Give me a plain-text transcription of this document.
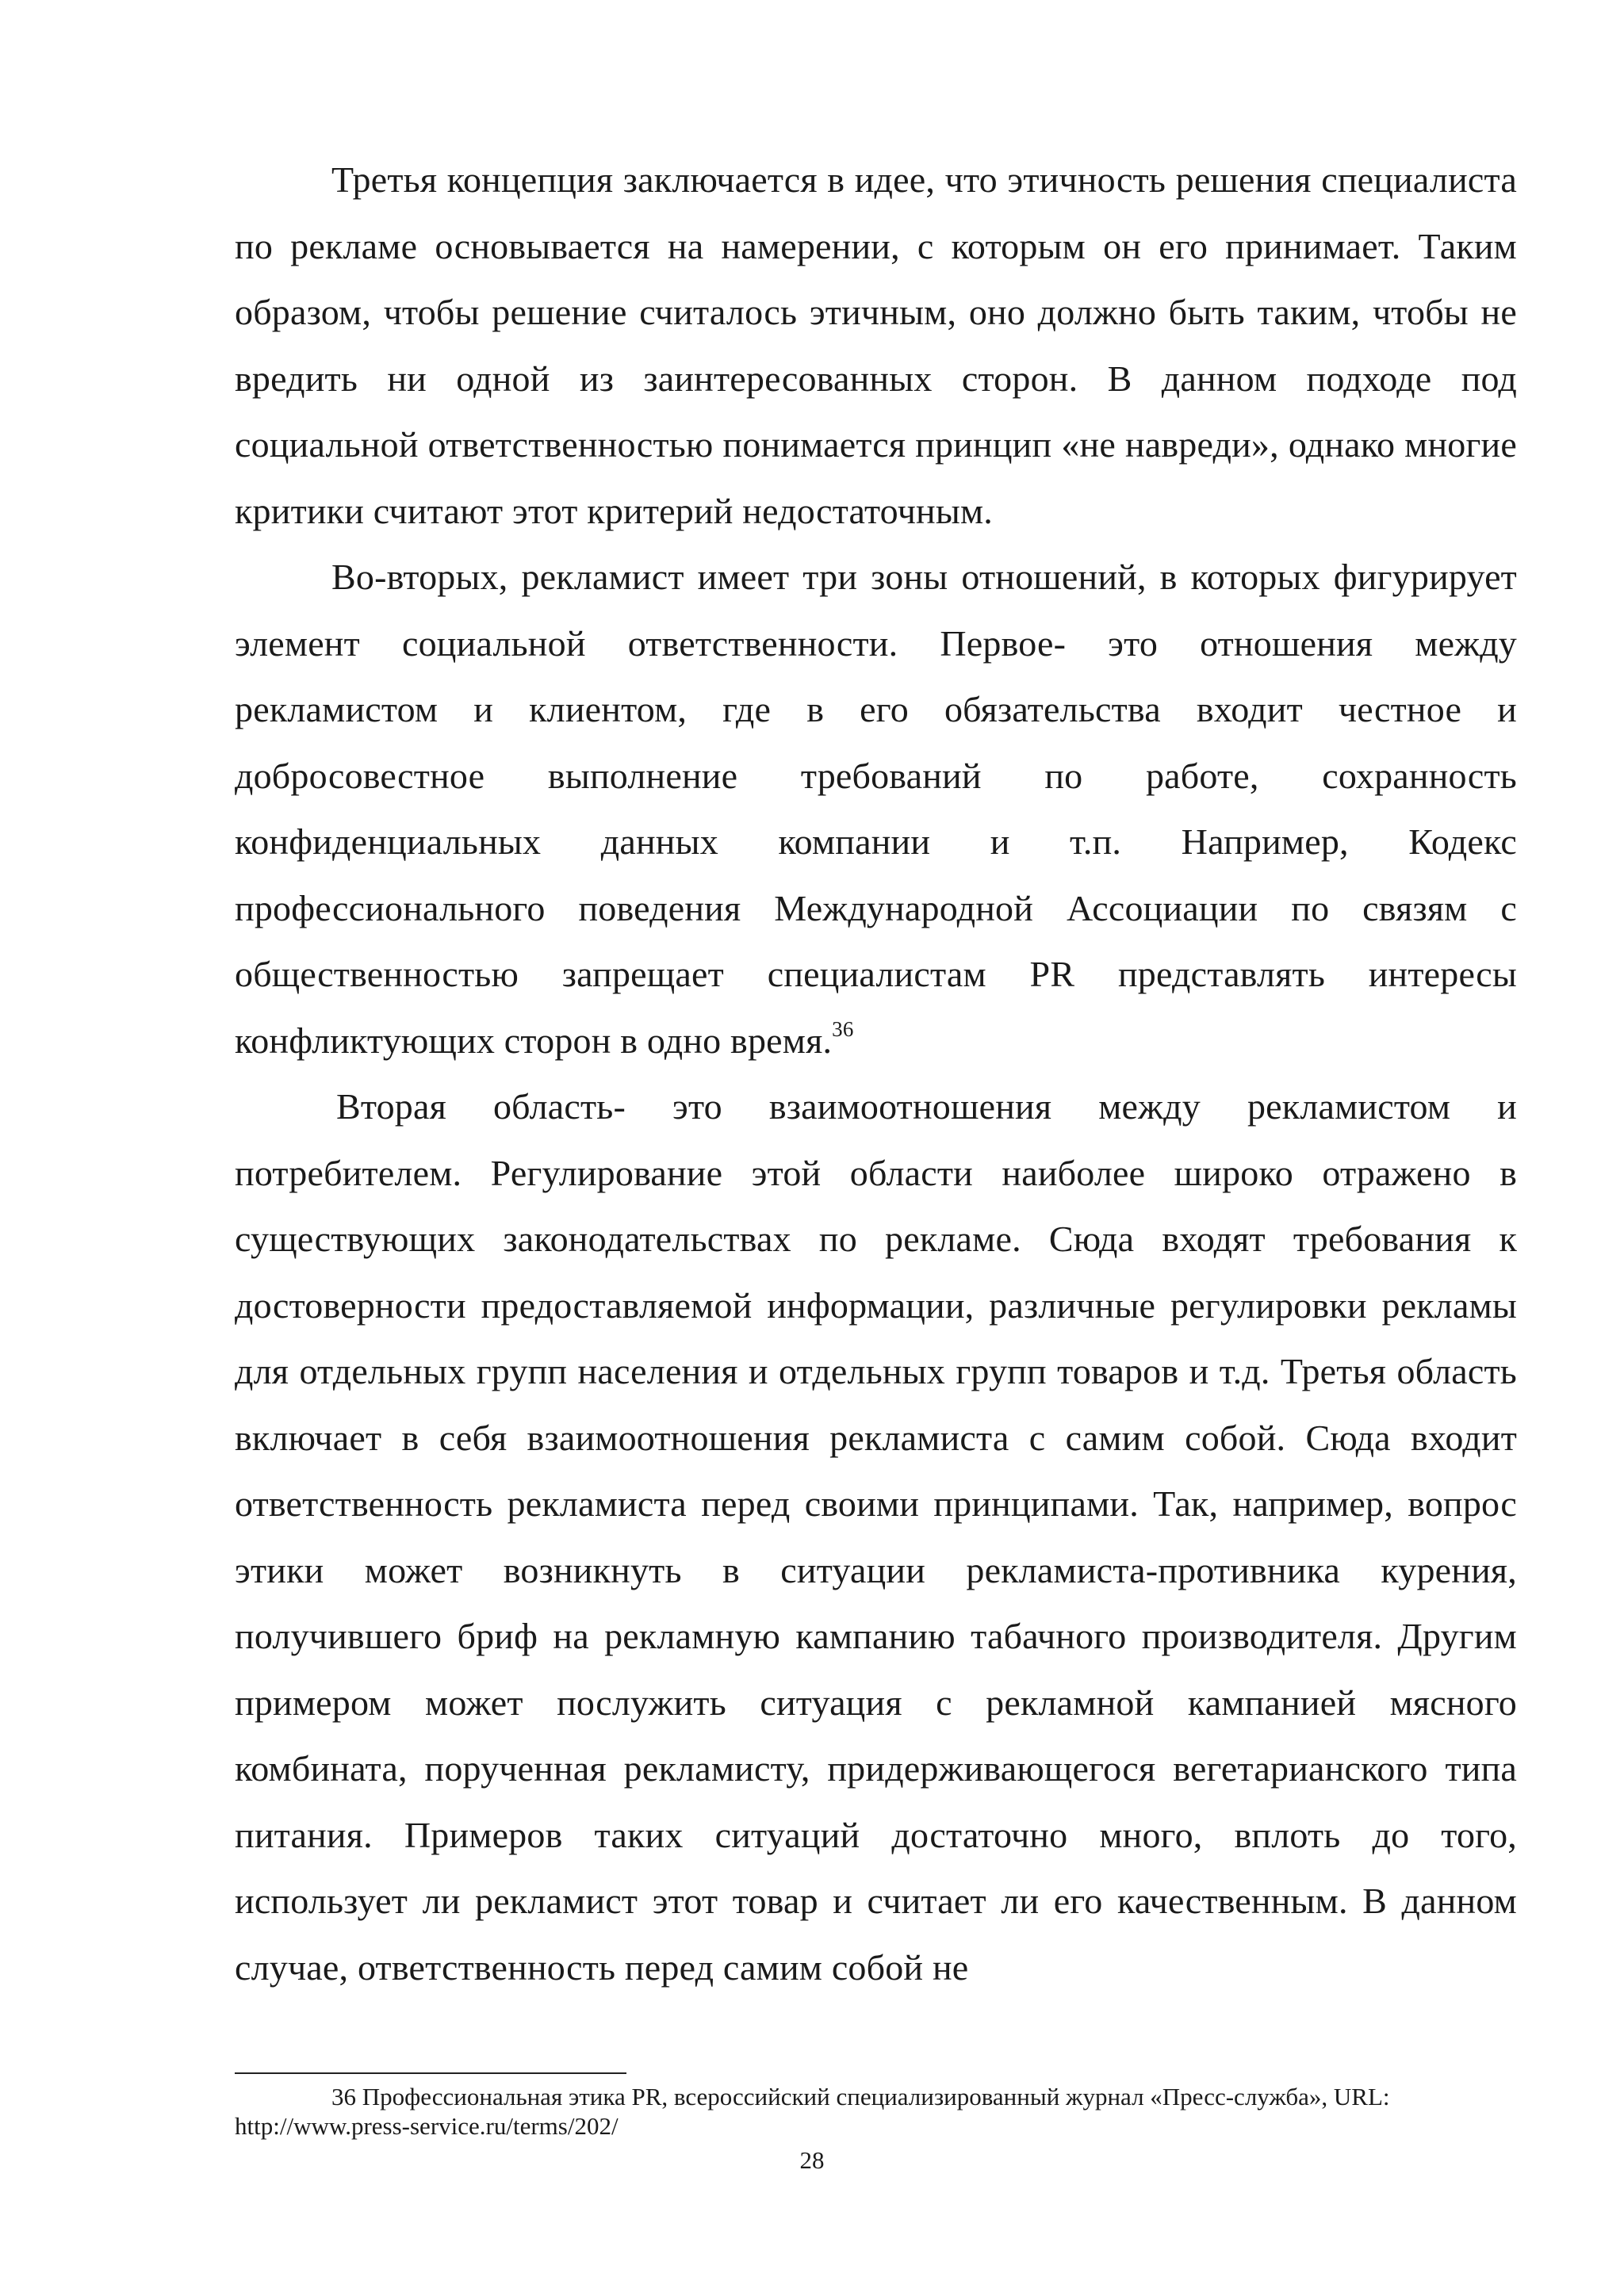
Третья концепция заключается в идее, что этичность решения специалиста по рекламе основывается на намерении, с которым он его принимает. Таким образом, чтобы решение считалось этичным, оно должно быть таким, чтобы не вредить ни одной из заинтересованных сторон. В данном подходе под социальной ответственностью понимается принцип «не навреди», однако многие критики считают этот критерий недостаточным.

Во-вторых, рекламист имеет три зоны отношений, в которых фигурирует элемент социальной ответственности. Первое- это отношения между рекламистом и клиентом, где в его обязательства входит честное и добросовестное выполнение требований по работе, сохранность конфиденциальных данных компании и т.п. Например, Кодекс профессионального поведения Международной Ассоциации по связям с общественностью запрещает специалистам PR представлять интересы конфликтующих сторон в одно время.$^{36}$

Вторая область- это взаимоотношения между рекламистом и потребителем. Регулирование этой области наиболее широко отражено в существующих законодательствах по рекламе. Сюда входят требования к достоверности предоставляемой информации, различные регулировки рекламы для отдельных групп населения и отдельных групп товаров и т.д. Третья область включает в себя взаимоотношения рекламиста с самим собой. Сюда входит ответственность рекламиста перед своими принципами. Так, например, вопрос этики может возникнуть в ситуации рекламиста-противника курения, получившего бриф на рекламную кампанию табачного производителя. Другим примером может послужить ситуация с рекламной кампанией мясного комбината, порученная рекламисту, придерживающегося вегетарианского типа питания. Примеров таких ситуаций достаточно много, вплоть до того, использует ли рекламист этот товар и считает ли его качественным. В данном случае, ответственность перед самим собой не

36 Профессиональная этика PR, всероссийский специализированный журнал «Пресс-служба», URL:
http://www.press-service.ru/terms/202/

28
